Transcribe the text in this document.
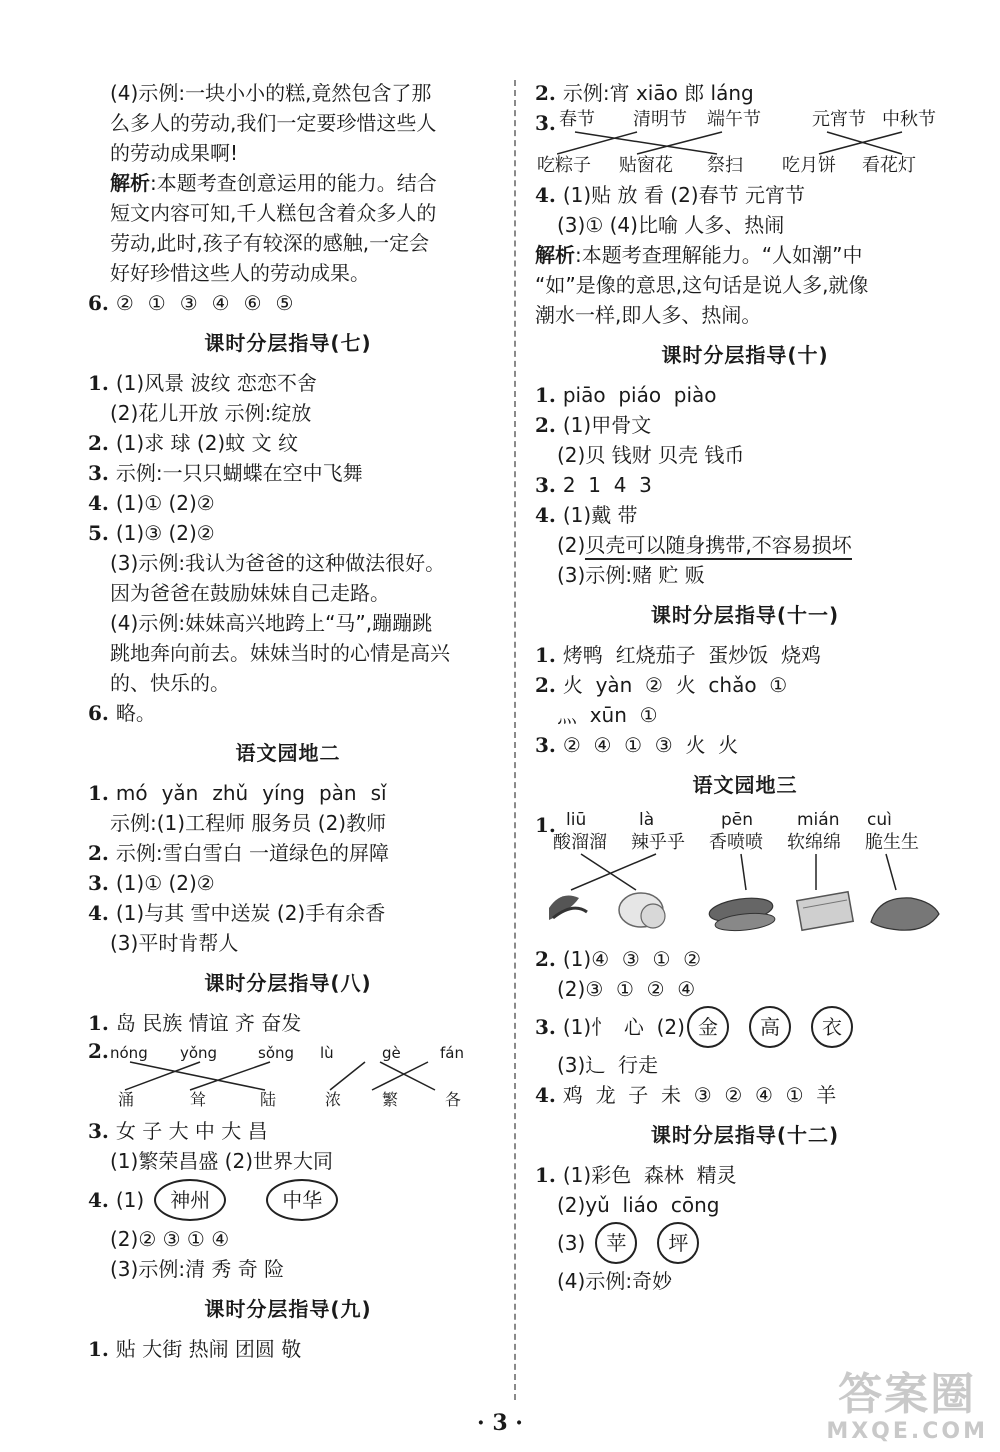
(4)示例:一块小小的糕,竟然包含了那
么多人的劳动,我们一定要珍惜这些人
的劳动成果啊!
解析:本题考查创意运用的能力。结合
短文内容可知,千人糕包含着众多人的
劳动,此时,孩子有较深的感触,一定会
好好珍惜这些人的劳动成果。
6. ② ① ③ ④ ⑥ ⑤
课时分层指导(七)
1. (1)风景 波纹 恋恋不舍
(2)花儿开放 示例:绽放
2. (1)求 球 (2)蚊 文 纹
3. 示例:一只只蝴蝶在空中飞舞
4. (1)① (2)②
5. (1)③ (2)②
(3)示例:我认为爸爸的这种做法很好。
因为爸爸在鼓励妹妹自己走路。
(4)示例:妹妹高兴地跨上“马”,蹦蹦跳
跳地奔向前去。妹妹当时的心情是高兴
的、快乐的。
6. 略。
语文园地二
1. mó yǎn zhǔ yíng pàn sǐ
示例:(1)工程师 服务员 (2)教师
2. 示例:雪白雪白 一道绿色的屏障
3. (1)① (2)②
4. (1)与其 雪中送炭 (2)手有余香
(3)平时肯帮人
课时分层指导(八)
1. 岛 民族 情谊 齐 奋发
2. nóng yǒng	sǒng lù	gè	fán
涌	耸	陆	浓	繁	各
3. 女 子 大 中 大 昌
(1)繁荣昌盛 (2)世界大同
4. (1) 神州	中华
(2)② ③ ① ④
(3)示例:清 秀 奇 险
课时分层指导(九)
1. 贴 大街 热闹 团圆 敬
2. 示例:宵 xiāo 郎 láng
3. 春节 清明节 端午节	元宵节 中秋节
吃粽子 贴窗花 祭扫 吃月饼 看花灯
4. (1)贴 放 看 (2)春节 元宵节
(3)① (4)比喻 人多、热闹
解析:本题考查理解能力。“人如潮”中
“如”是像的意思,这句话是说人多,就像
潮水一样,即人多、热闹。
课时分层指导(十)
1. piāo  piáo  piào
2. (1)甲骨文
(2)贝 钱财 贝壳 钱币
3. 2  1  4  3
4. (1)戴 带
(2)贝壳可以随身携带,不容易损坏
(3)示例:赌 贮 贩
课时分层指导(十一)
1. 烤鸭  红烧茄子  蛋炒饭  烧鸡
2. 火  yàn  ②  火  chǎo  ①
灬  xūn  ①
3. ②  ④  ①  ③  火  火
语文园地三
1. liū	là	pēn	mián cuì
酸溜溜 辣乎乎 香喷喷 软绵绵 脆生生
2. (1)④  ③  ①  ②
(2)③  ①  ②  ④
3. (1)忄  心  (2) 金 高 衣
(3)辶  行走
4. 鸡  龙  子  未  ③  ②  ④  ①  羊
课时分层指导(十二)
1. (1)彩色  森林  精灵
(2)yǔ  liáo  cōng
(3) 苹 坪
(4)示例:奇妙
· 3 ·
答案圈
MXQE.COM
